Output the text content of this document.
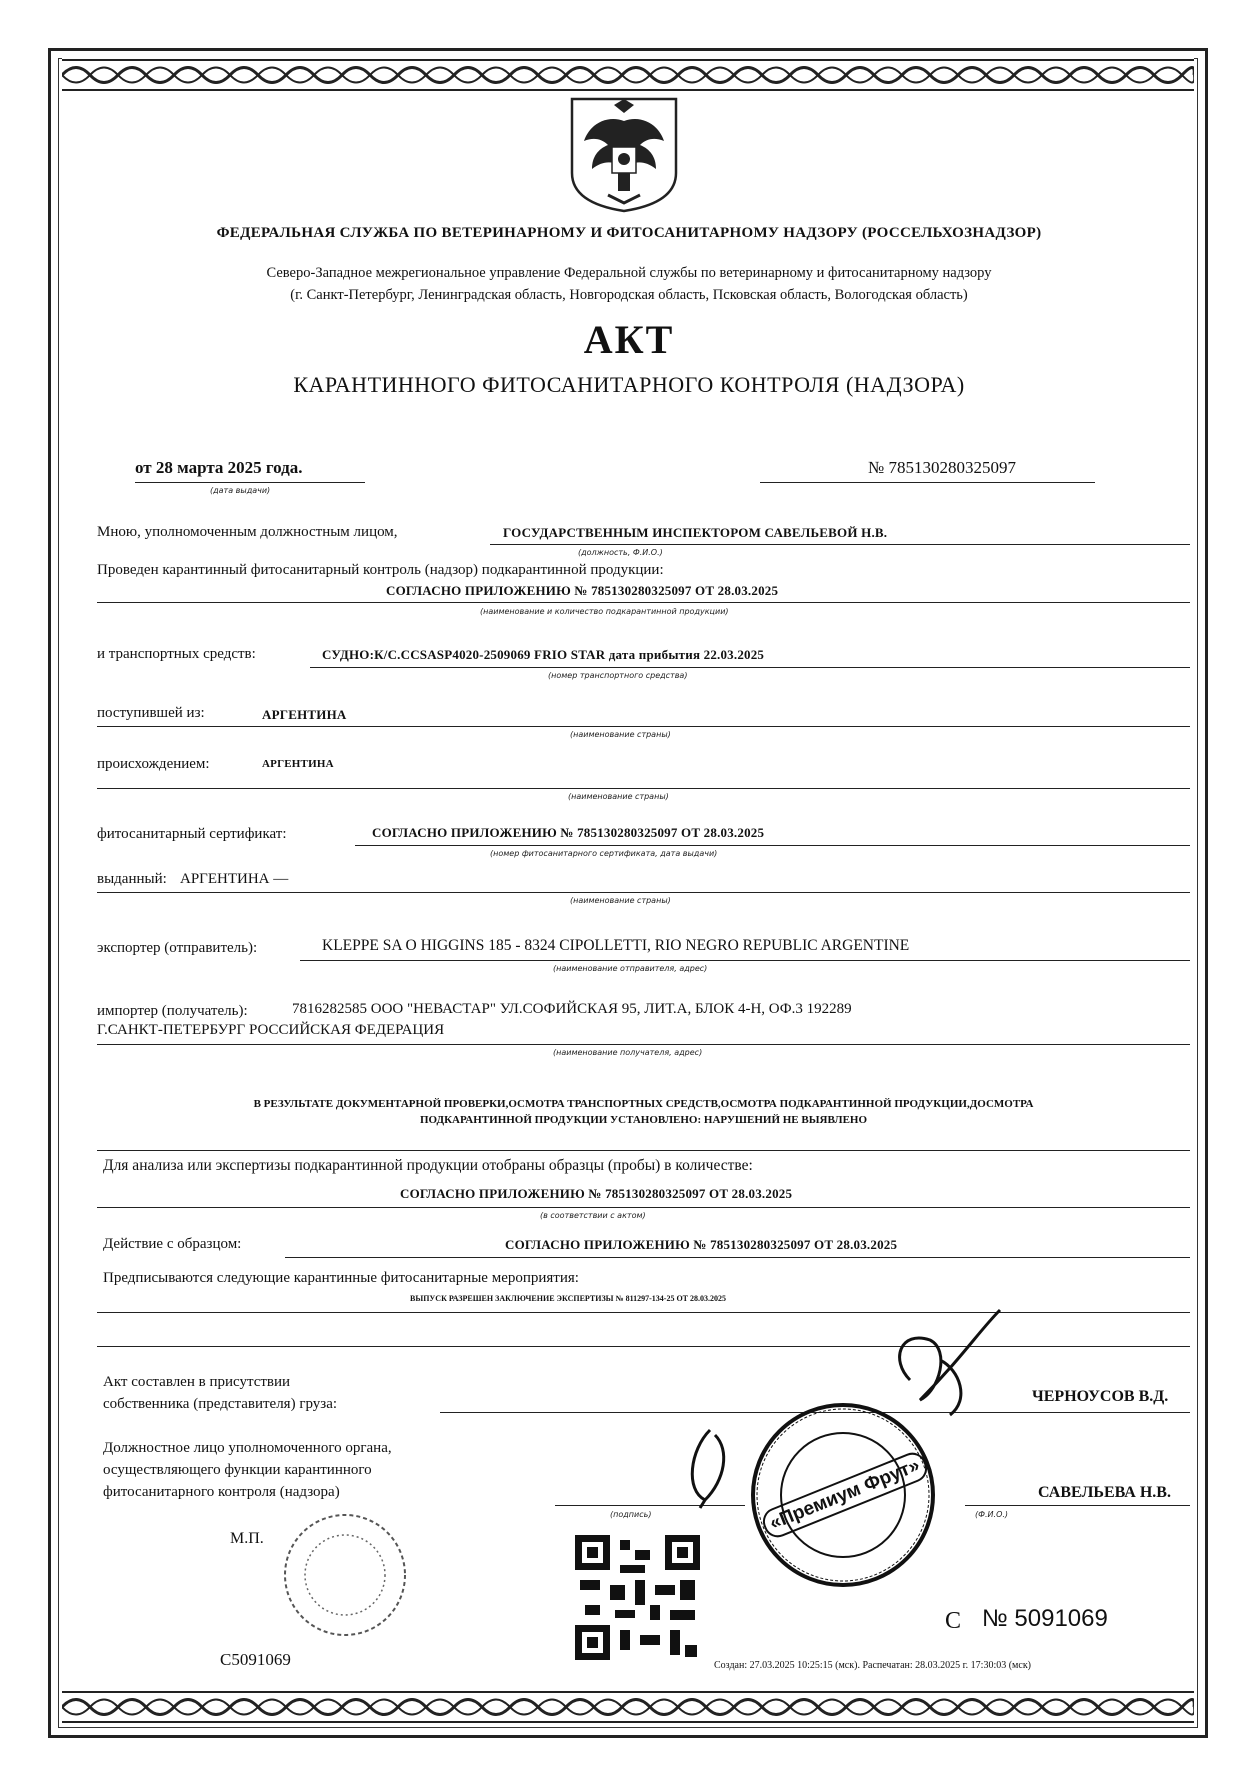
ФЕДЕРАЛЬНАЯ СЛУЖБА ПО ВЕТЕРИНАРНОМУ И ФИТОСАНИТАРНОМУ НАДЗОРУ (РОССЕЛЬХОЗНАДЗОР)
Северо-Западное межрегиональное управление Федеральной службы по ветеринарному и фитосанитарному надзору
(г. Санкт-Петербург, Ленинградская область, Новгородская область, Псковская область, Вологодская область)
АКТ
КАРАНТИННОГО ФИТОСАНИТАРНОГО КОНТРОЛЯ (НАДЗОРА)
от 28 марта 2025 года.
(дата выдачи)
№ 785130280325097
Мною, уполномоченным должностным лицом,	ГОСУДАРСТВЕННЫМ ИНСПЕКТОРОМ САВЕЛЬЕВОЙ Н.В.
(должность, Ф.И.О.)
Проведен карантинный фитосанитарный контроль (надзор) подкарантинной продукции:
СОГЛАСНО ПРИЛОЖЕНИЮ № 785130280325097 ОТ 28.03.2025
(наименование и количество подкарантинной продукции)
и транспортных средств:	СУДНО:К/С.CCSASP4020-2509069 FRIO STAR дата прибытия 22.03.2025
(номер транспортного средства)
поступившей из:	АРГЕНТИНА
(наименование страны)
происхождением:	АРГЕНТИНА
(наименование страны)
фитосанитарный сертификат:	СОГЛАСНО ПРИЛОЖЕНИЮ № 785130280325097 ОТ 28.03.2025
(номер фитосанитарного сертификата, дата выдачи)
выданный: АРГЕНТИНА —
(наименование страны)
экспортер (отправитель):	KLEPPE SA O HIGGINS 185 - 8324 CIPOLLETTI, RIO NEGRO REPUBLIC ARGENTINE
(наименование отправителя, адрес)
импортер (получатель):	7816282585 ООО "НЕВАСТАР" УЛ.СОФИЙСКАЯ 95, ЛИТ.А, БЛОК 4-Н, ОФ.3 192289
Г.САНКТ-ПЕТЕРБУРГ РОССИЙСКАЯ ФЕДЕРАЦИЯ
(наименование получателя, адрес)
В РЕЗУЛЬТАТЕ ДОКУМЕНТАРНОЙ ПРОВЕРКИ,ОСМОТРА ТРАНСПОРТНЫХ СРЕДСТВ,ОСМОТРА ПОДКАРАНТИННОЙ ПРОДУКЦИИ,ДОСМОТРА
ПОДКАРАНТИННОЙ ПРОДУКЦИИ УСТАНОВЛЕНО: НАРУШЕНИЙ НЕ ВЫЯВЛЕНО
Для анализа или экспертизы подкарантинной продукции отобраны образцы (пробы) в количестве:
СОГЛАСНО ПРИЛОЖЕНИЮ № 785130280325097 ОТ 28.03.2025
(в соответствии с актом)
Действие с образцом:	СОГЛАСНО ПРИЛОЖЕНИЮ № 785130280325097 ОТ 28.03.2025
Предписываются следующие карантинные фитосанитарные мероприятия:
ВЫПУСК РАЗРЕШЕН ЗАКЛЮЧЕНИЕ ЭКСПЕРТИЗЫ № 811297-134-25 ОТ 28.03.2025
Акт составлен в присутствии
собственника (представителя) груза:	ЧЕРНОУСОВ В.Д.
Должностное лицо уполномоченного органа,
осуществляющего функции карантинного
фитосанитарного контроля (надзора)
(подпись)
САВЕЛЬЕВА Н.В.
(Ф.И.О.)
М.П.
C5091069
«Премиум Фрут»
С № 5091069
Создан: 27.03.2025 10:25:15 (мск). Распечатан: 28.03.2025 г. 17:30:03 (мск)
